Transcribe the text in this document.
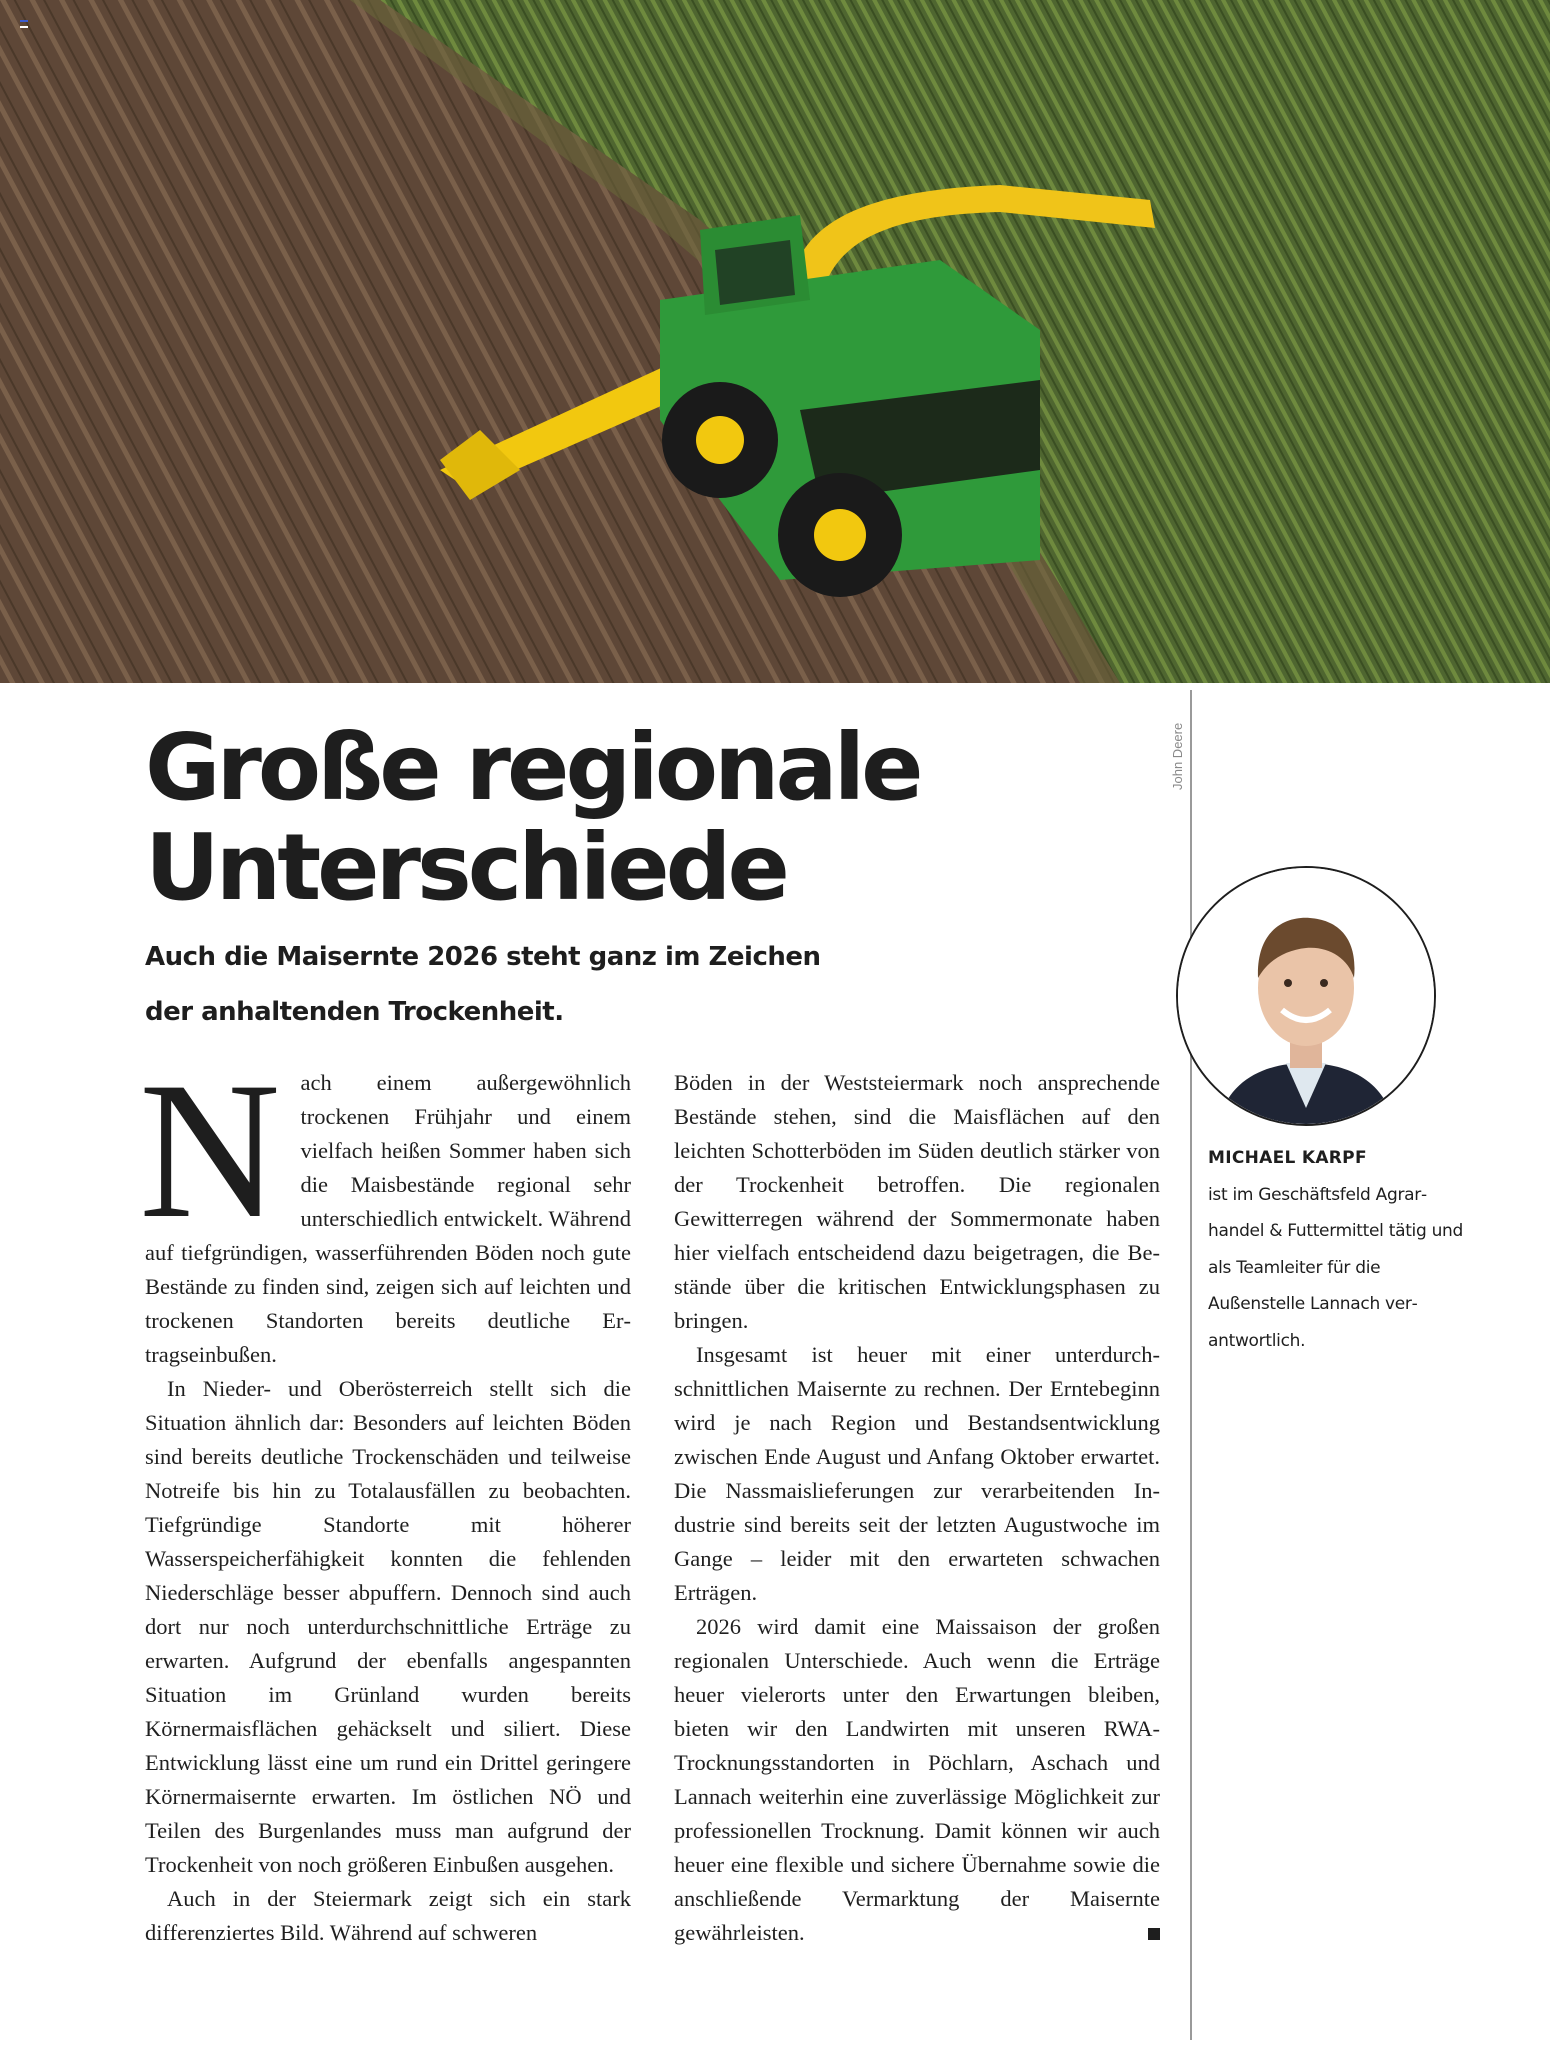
John Deere
Große regionale
Unterschiede

Auch die Maisernte 2026 steht ganz im Zeichen der anhaltenden Trockenheit.

Nach einem außergewöhnlich trockenen Frühjahr und einem vielfach heißen Sommer haben sich die Maisbestände regional sehr unterschiedlich entwickelt. Während auf tiefgründigen, wasserführenden Böden noch gute Bestände zu finden sind, zeigen sich auf leichten und trockenen Standorten bereits deutliche Ertragseinbußen.

In Nieder- und Oberösterreich stellt sich die Situation ähnlich dar: Besonders auf leichten Böden sind bereits deutliche Trockenschäden und teilweise Notreife bis hin zu Totalausfällen zu beobachten. Tiefgründige Standorte mit höherer Wasserspeicherfähigkeit konnten die fehlenden Niederschläge besser abpuffern. Dennoch sind auch dort nur noch unterdurchschnittliche Erträge zu erwarten. Aufgrund der ebenfalls angespannten Situation im Grünland wurden bereits Körnermaisflächen gehäckselt und siliert. Diese Entwicklung lässt eine um rund ein Drittel geringere Körnermaisernte erwarten. Im östlichen NÖ und Teilen des Burgenlandes muss man aufgrund der Trockenheit von noch größeren Einbußen ausgehen.

Auch in der Steiermark zeigt sich ein stark differenziertes Bild. Während auf schweren

Böden in der Weststeiermark noch ansprechende Bestände stehen, sind die Maisflächen auf den leichten Schotterböden im Süden deutlich stärker von der Trockenheit betroffen. Die regionalen Gewitterregen während der Sommermonate haben hier vielfach entscheidend dazu beigetragen, die Bestände über die kritischen Entwicklungsphasen zu bringen.

Insgesamt ist heuer mit einer unterdurchschnittlichen Maisernte zu rechnen. Der Erntebeginn wird je nach Region und Bestandsentwicklung zwischen Ende August und Anfang Oktober erwartet. Die Nassmaislieferungen zur verarbeitenden Industrie sind bereits seit der letzten Augustwoche im Gange – leider mit den erwarteten schwachen Erträgen.

2026 wird damit eine Maissaison der großen regionalen Unterschiede. Auch wenn die Erträge heuer vielerorts unter den Erwartungen bleiben, bieten wir den Landwirten mit unseren RWA-Trocknungsstandorten in Pöchlarn, Aschach und Lannach weiterhin eine zuverlässige Möglichkeit zur professionellen Trocknung. Damit können wir auch heuer eine flexible und sichere Übernahme sowie die anschließende Vermarktung der Maisernte gewährleisten.

MICHAEL KARPF
ist im Geschäftsfeld Agrarhandel & Futtermittel tätig und als Teamleiter für die Außenstelle Lannach verantwortlich.
